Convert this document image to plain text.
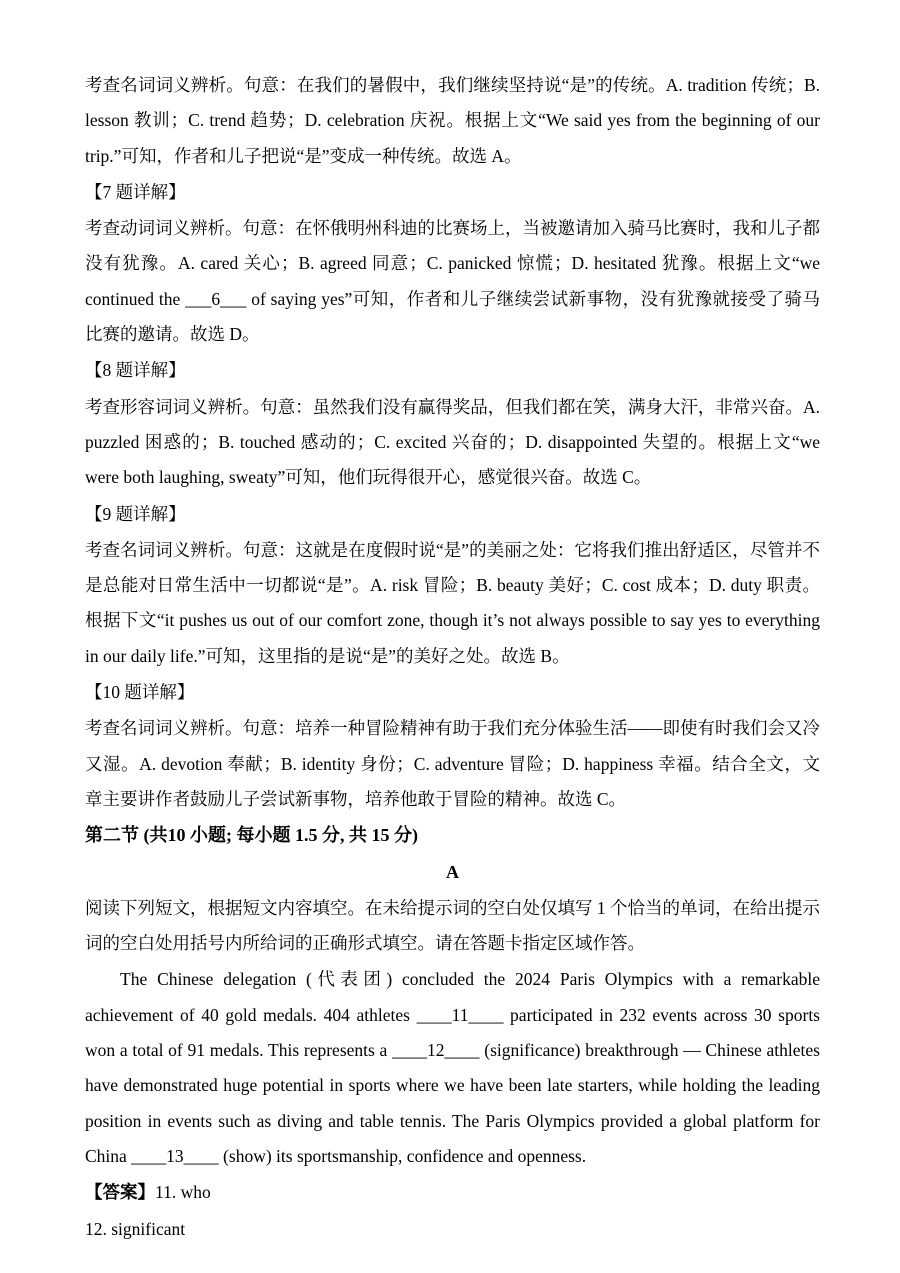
考查名词词义辨析。句意：在我们的暑假中，我们继续坚持说“是”的传统。A. tradition 传统；B. lesson 教训；C. trend 趋势；D. celebration 庆祝。根据上文“We said yes from the beginning of our trip.”可知，作者和儿子把说“是”变成一种传统。故选 A。

【7 题详解】

考查动词词义辨析。句意：在怀俄明州科迪的比赛场上，当被邀请加入骑马比赛时，我和儿子都没有犹豫。A. cared 关心；B. agreed 同意；C. panicked 惊慌；D. hesitated 犹豫。根据上文“we continued the ___6___ of saying yes”可知，作者和儿子继续尝试新事物，没有犹豫就接受了骑马比赛的邀请。故选 D。

【8 题详解】

考查形容词词义辨析。句意：虽然我们没有赢得奖品，但我们都在笑，满身大汗，非常兴奋。A. puzzled 困惑的；B. touched 感动的；C. excited 兴奋的；D. disappointed 失望的。根据上文“we were both laughing, sweaty”可知，他们玩得很开心，感觉很兴奋。故选 C。

【9 题详解】

考查名词词义辨析。句意：这就是在度假时说“是”的美丽之处：它将我们推出舒适区，尽管并不是总能对日常生活中一切都说“是”。A. risk 冒险；B. beauty 美好；C. cost 成本；D. duty 职责。根据下文“it pushes us out of our comfort zone, though it’s not always possible to say yes to everything in our daily life.”可知，这里指的是说“是”的美好之处。故选 B。

【10 题详解】

考查名词词义辨析。句意：培养一种冒险精神有助于我们充分体验生活——即使有时我们会又冷又湿。A. devotion 奉献；B. identity 身份；C. adventure 冒险；D. happiness 幸福。结合全文，文章主要讲作者鼓励儿子尝试新事物，培养他敢于冒险的精神。故选 C。

第二节 (共10 小题; 每小题 1.5 分, 共 15 分)

A

阅读下列短文，根据短文内容填空。在未给提示词的空白处仅填写 1 个恰当的单词，在给出提示词的空白处用括号内所给词的正确形式填空。请在答题卡指定区域作答。

The Chinese delegation (代表团) concluded the 2024 Paris Olympics with a remarkable achievement of 40 gold medals. 404 athletes ____11____ participated in 232 events across 30 sports won a total of 91 medals. This represents a ____12____ (significance) breakthrough — Chinese athletes have demonstrated huge potential in sports where we have been late starters, while holding the leading position in events such as diving and table tennis. The Paris Olympics provided a global platform for China ____13____ (show) its sportsmanship, confidence and openness.

【答案】11. who

12. significant
